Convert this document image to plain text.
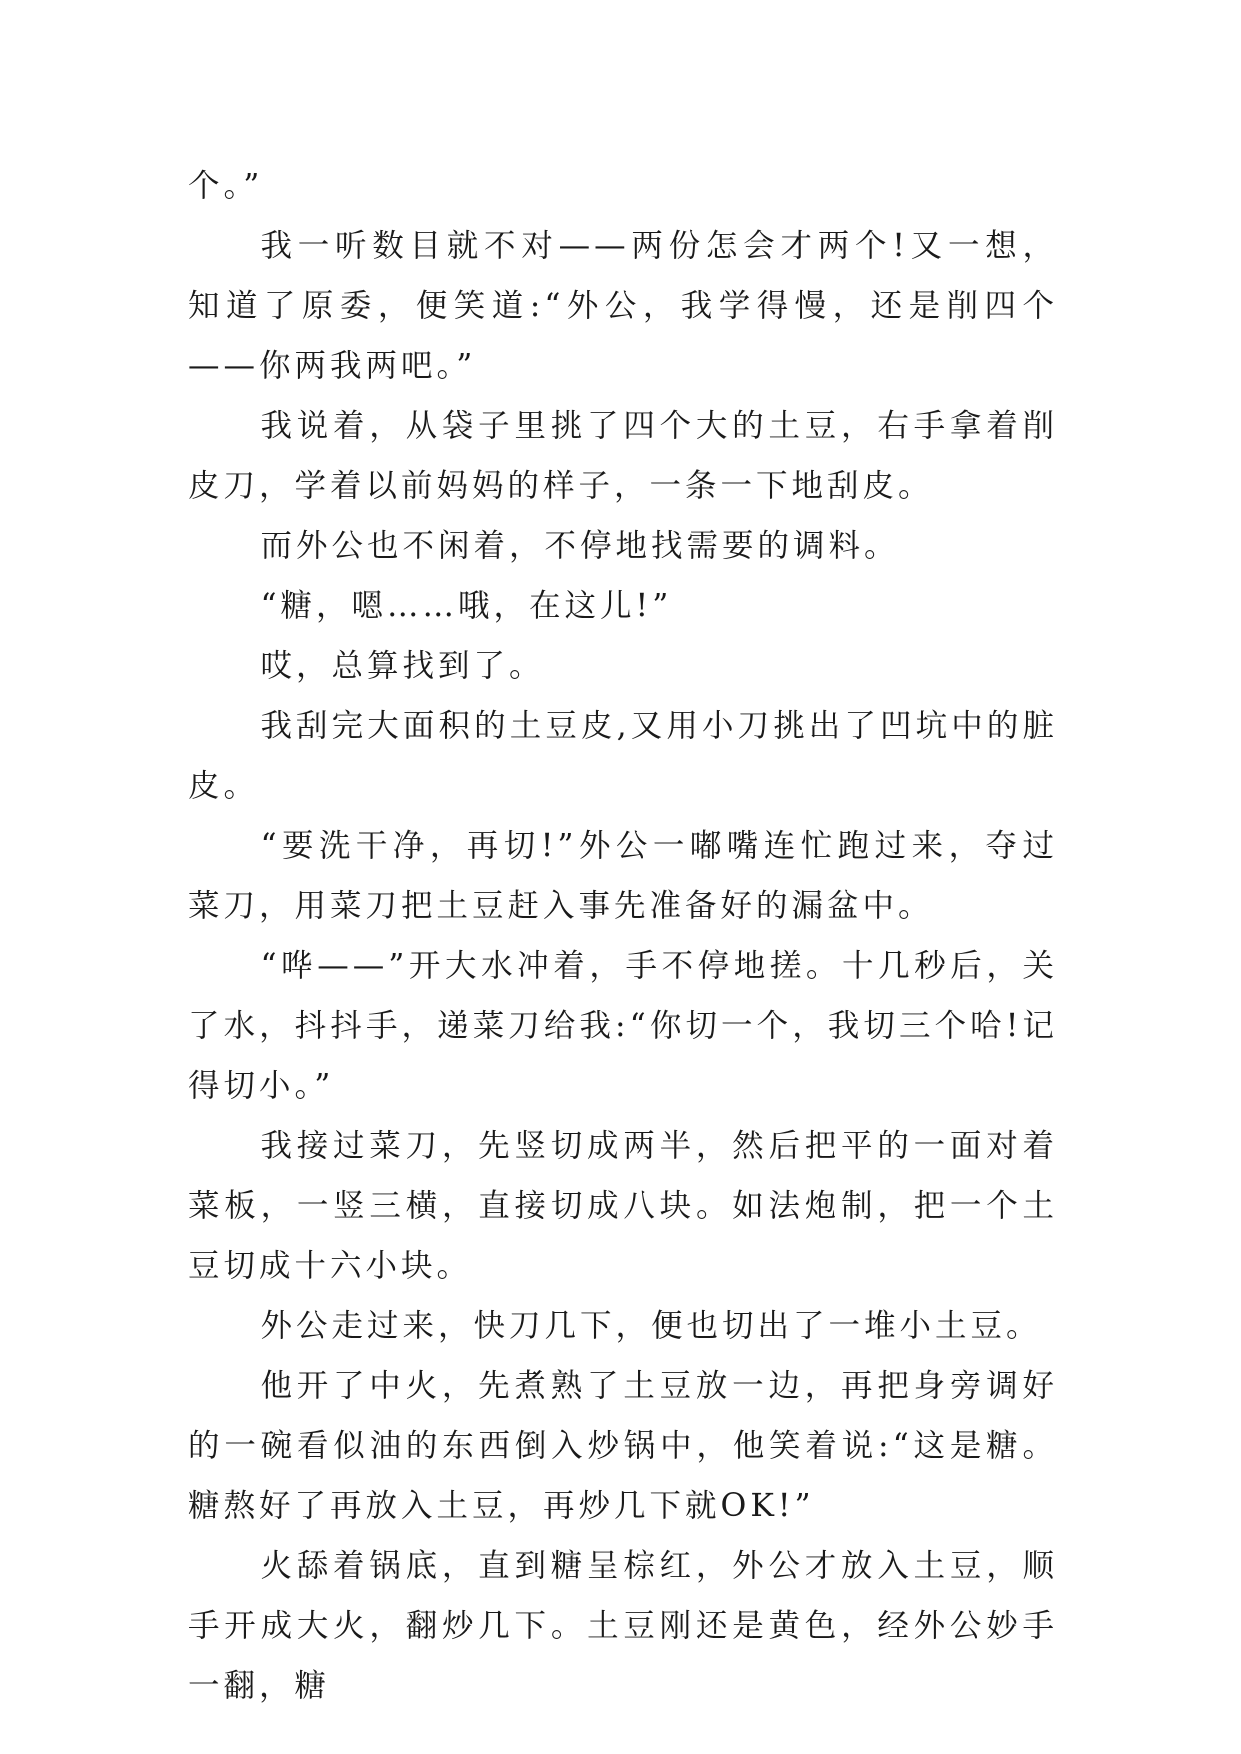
个。”

我一听数目就不对——两份怎会才两个!又一想，知道了原委，便笑道:“外公，我学得慢，还是削四个——你两我两吧。”

我说着，从袋子里挑了四个大的土豆，右手拿着削皮刀，学着以前妈妈的样子，一条一下地刮皮。

而外公也不闲着，不停地找需要的调料。

“糖，嗯……哦，在这儿!”

哎，总算找到了。

我刮完大面积的土豆皮,又用小刀挑出了凹坑中的脏皮。

“要洗干净，再切!”外公一嘟嘴连忙跑过来，夺过菜刀，用菜刀把土豆赶入事先准备好的漏盆中。

“哗——”开大水冲着，手不停地搓。十几秒后，关了水，抖抖手，递菜刀给我:“你切一个，我切三个哈!记得切小。”

我接过菜刀，先竖切成两半，然后把平的一面对着菜板，一竖三横，直接切成八块。如法炮制，把一个土豆切成十六小块。

外公走过来，快刀几下，便也切出了一堆小土豆。

他开了中火，先煮熟了土豆放一边，再把身旁调好的一碗看似油的东西倒入炒锅中，他笑着说:“这是糖。糖熬好了再放入土豆，再炒几下就OK!”

火舔着锅底，直到糖呈棕红，外公才放入土豆，顺手开成大火，翻炒几下。土豆刚还是黄色，经外公妙手一翻，糖
